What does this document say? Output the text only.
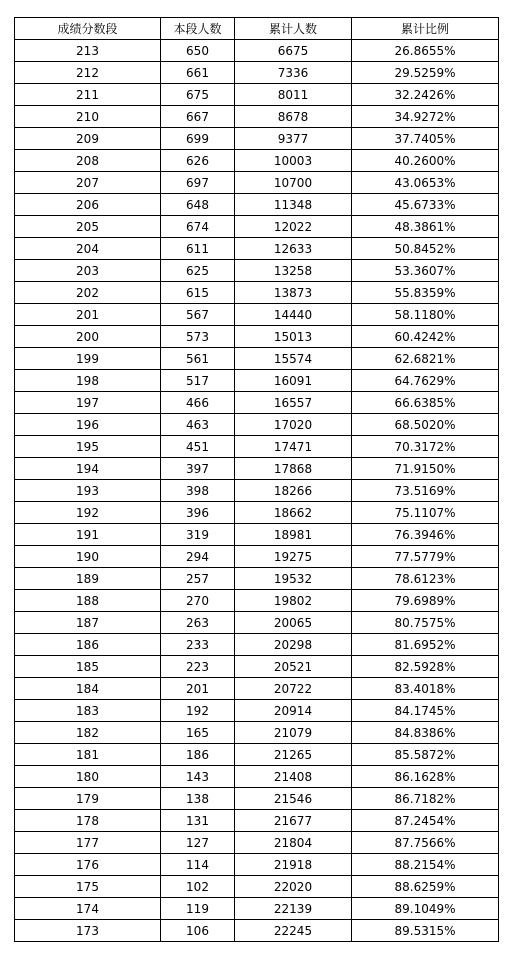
成绩分数段	本段人数	累计人数	累计比例
213	650	6675	26.8655%
212	661	7336	29.5259%
211	675	8011	32.2426%
210	667	8678	34.9272%
209	699	9377	37.7405%
208	626	10003	40.2600%
207	697	10700	43.0653%
206	648	11348	45.6733%
205	674	12022	48.3861%
204	611	12633	50.8452%
203	625	13258	53.3607%
202	615	13873	55.8359%
201	567	14440	58.1180%
200	573	15013	60.4242%
199	561	15574	62.6821%
198	517	16091	64.7629%
197	466	16557	66.6385%
196	463	17020	68.5020%
195	451	17471	70.3172%
194	397	17868	71.9150%
193	398	18266	73.5169%
192	396	18662	75.1107%
191	319	18981	76.3946%
190	294	19275	77.5779%
189	257	19532	78.6123%
188	270	19802	79.6989%
187	263	20065	80.7575%
186	233	20298	81.6952%
185	223	20521	82.5928%
184	201	20722	83.4018%
183	192	20914	84.1745%
182	165	21079	84.8386%
181	186	21265	85.5872%
180	143	21408	86.1628%
179	138	21546	86.7182%
178	131	21677	87.2454%
177	127	21804	87.7566%
176	114	21918	88.2154%
175	102	22020	88.6259%
174	119	22139	89.1049%
173	106	22245	89.5315%
